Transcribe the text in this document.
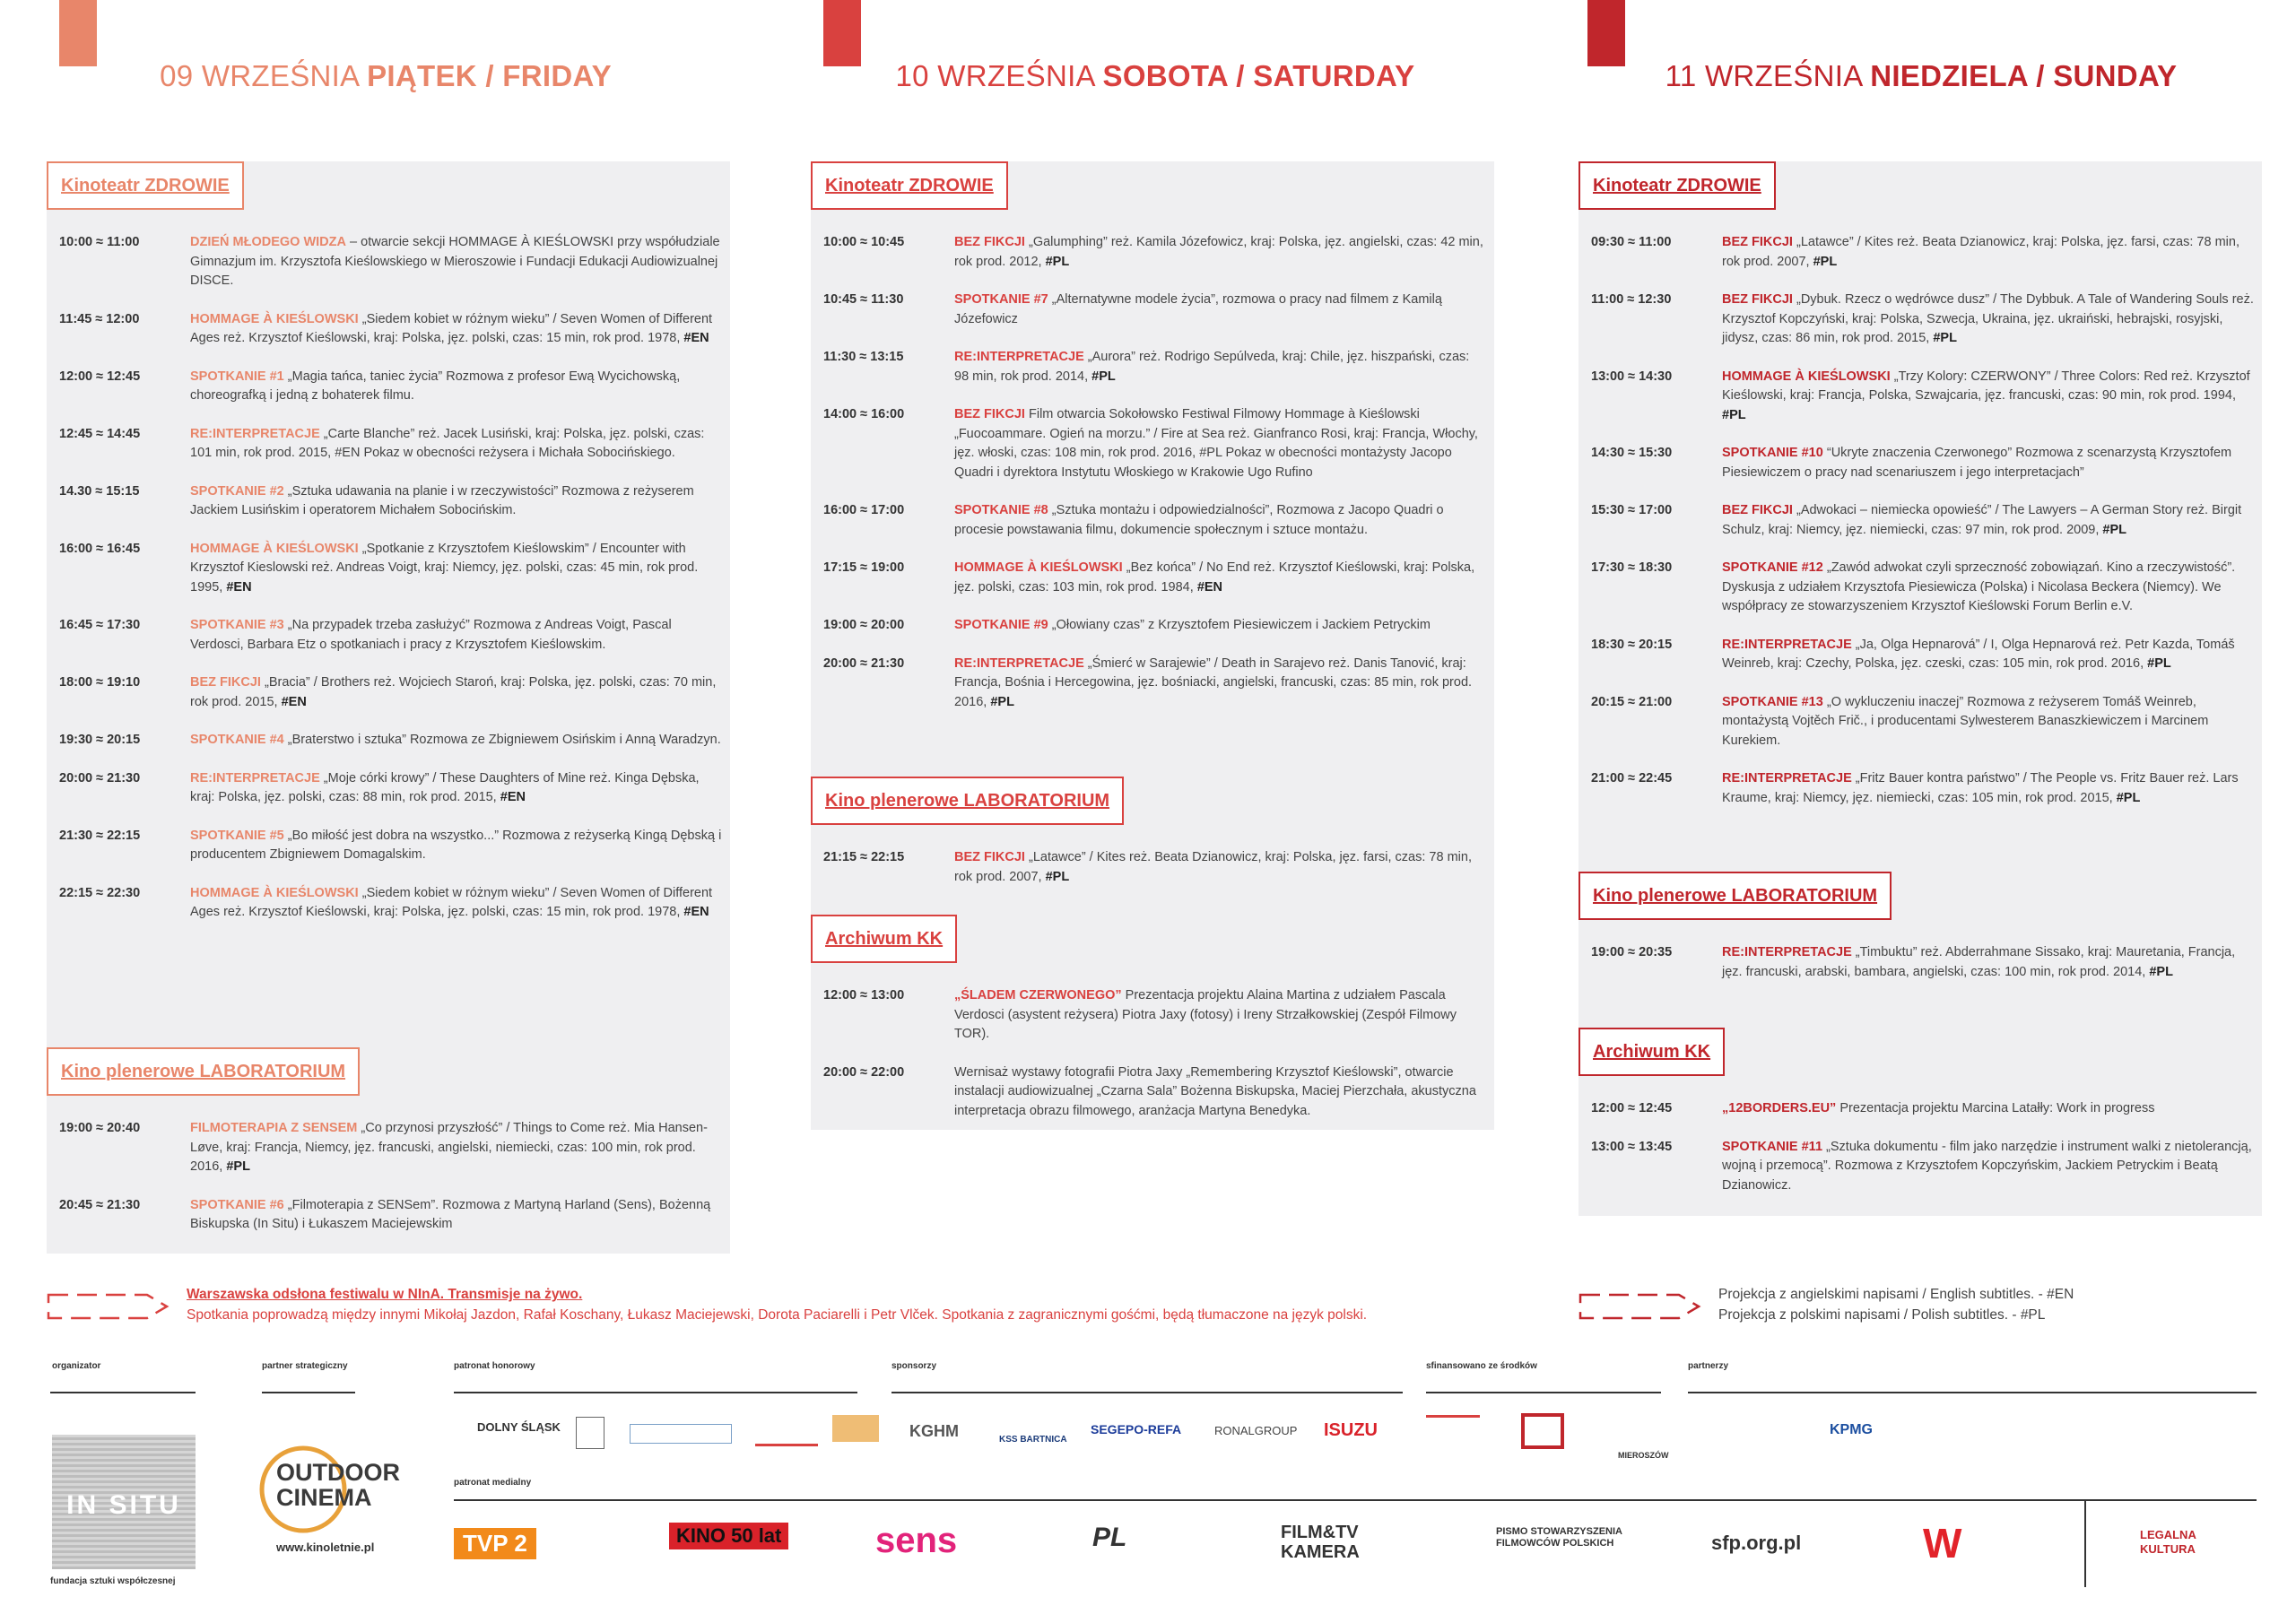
09 WRZEŚNIA PIĄTEK / FRIDAY
Kinoteatr ZDROWIE
10:00 ≈ 11:00	DZIEŃ MŁODEGO WIDZA – otwarcie sekcji HOMMAGE À KIEŚLOWSKI przy współudziale Gimnazjum im. Krzysztofa Kieślowskiego w Mieroszowie i Fundacji Edukacji Audiowizualnej DISCE.
11:45 ≈ 12:00	HOMMAGE À KIEŚLOWSKI „Siedem kobiet w różnym wieku” / Seven Women of Different Ages reż. Krzysztof Kieślowski, kraj: Polska, jęz. polski, czas: 15 min, rok prod. 1978, #EN
12:00 ≈ 12:45	SPOTKANIE #1 „Magia tańca, taniec życia” Rozmowa z profesor Ewą Wycichowską, choreografką i jedną z bohaterek filmu.
12:45 ≈ 14:45	RE:INTERPRETACJE „Carte Blanche” reż. Jacek Lusiński, kraj: Polska, jęz. polski, czas: 101 min, rok prod. 2015, #EN Pokaz w obecności reżysera i Michała Sobocińskiego.
14.30 ≈ 15:15	SPOTKANIE #2 „Sztuka udawania na planie i w rzeczywistości” Rozmowa z reżyserem Jackiem Lusińskim i operatorem Michałem Sobocińskim.
16:00 ≈ 16:45	HOMMAGE À KIEŚLOWSKI „Spotkanie z Krzysztofem Kieślowskim” / Encounter with Krzysztof Kieslowski reż. Andreas Voigt, kraj: Niemcy, jęz. polski, czas: 45 min, rok prod. 1995, #EN
16:45 ≈ 17:30	SPOTKANIE #3 „Na przypadek trzeba zasłużyć” Rozmowa z Andreas Voigt, Pascal Verdosci, Barbara Etz o spotkaniach i pracy z Krzysztofem Kieślowskim.
18:00 ≈ 19:10	BEZ FIKCJI „Bracia” / Brothers reż. Wojciech Staroń, kraj: Polska, jęz. polski, czas: 70 min, rok prod. 2015, #EN
19:30 ≈ 20:15	SPOTKANIE #4 „Braterstwo i sztuka” Rozmowa ze Zbigniewem Osińskim i Anną Waradzyn.
20:00 ≈ 21:30	RE:INTERPRETACJE „Moje córki krowy” / These Daughters of Mine reż. Kinga Dębska, kraj: Polska, jęz. polski, czas: 88 min, rok prod. 2015, #EN
21:30 ≈ 22:15	SPOTKANIE #5 „Bo miłość jest dobra na wszystko...” Rozmowa z reżyserką Kingą Dębską i producentem Zbigniewem Domagalskim.
22:15 ≈ 22:30	HOMMAGE À KIEŚLOWSKI „Siedem kobiet w różnym wieku” / Seven Women of Different Ages reż. Krzysztof Kieślowski, kraj: Polska, jęz. polski, czas: 15 min, rok prod. 1978, #EN
Kino plenerowe LABORATORIUM
19:00 ≈ 20:40	FILMOTERAPIA Z SENSEM „Co przynosi przyszłość” / Things to Come reż. Mia Hansen-Løve, kraj: Francja, Niemcy, jęz. francuski, angielski, niemiecki, czas: 100 min, rok prod. 2016, #PL
20:45 ≈ 21:30	SPOTKANIE #6 „Filmoterapia z SENSem”. Rozmowa z Martyną Harland (Sens), Bożenną Biskupska (In Situ) i Łukaszem Maciejewskim
10 WRZEŚNIA SOBOTA / SATURDAY
Kinoteatr ZDROWIE
10:00 ≈ 10:45	BEZ FIKCJI „Galumphing” reż. Kamila Józefowicz, kraj: Polska, jęz. angielski, czas: 42 min, rok prod. 2012, #PL
10:45 ≈ 11:30	SPOTKANIE #7 „Alternatywne modele życia”, rozmowa o pracy nad filmem z Kamilą Józefowicz
11:30 ≈ 13:15	RE:INTERPRETACJE „Aurora” reż. Rodrigo Sepúlveda, kraj: Chile, jęz. hiszpański, czas: 98 min, rok prod. 2014, #PL
14:00 ≈ 16:00	BEZ FIKCJI Film otwarcia Sokołowsko Festiwal Filmowy Hommage à Kieślowski „Fuocoammare. Ogień na morzu.” / Fire at Sea reż. Gianfranco Rosi, kraj: Francja, Włochy, jęz. włoski, czas: 108 min, rok prod. 2016, #PL Pokaz w obecności montażysty Jacopo Quadri i dyrektora Instytutu Włoskiego w Krakowie Ugo Rufino
16:00 ≈ 17:00	SPOTKANIE #8 „Sztuka montażu i odpowiedzialności”, Rozmowa z Jacopo Quadri o procesie powstawania filmu, dokumencie społecznym i sztuce montażu.
17:15 ≈ 19:00	HOMMAGE À KIEŚLOWSKI „Bez końca” / No End reż. Krzysztof Kieślowski, kraj: Polska, jęz. polski, czas: 103 min, rok prod. 1984, #EN
19:00 ≈ 20:00	SPOTKANIE #9 „Ołowiany czas” z Krzysztofem Piesiewiczem i Jackiem Petryckim
20:00 ≈ 21:30	RE:INTERPRETACJE „Śmierć w Sarajewie” / Death in Sarajevo reż. Danis Tanović, kraj: Francja, Bośnia i Hercegowina, jęz. bośniacki, angielski, francuski, czas: 85 min, rok prod. 2016, #PL
Kino plenerowe LABORATORIUM
21:15 ≈ 22:15	BEZ FIKCJI „Latawce” / Kites reż. Beata Dzianowicz, kraj: Polska, jęz. farsi, czas: 78 min, rok prod. 2007, #PL
Archiwum KK
12:00 ≈ 13:00	„ŚLADEM CZERWONEGO” Prezentacja projektu Alaina Martina z udziałem Pascala Verdosci (asystent reżysera) Piotra Jaxy (fotosy) i Ireny Strzałkowskiej (Zespół Filmowy TOR).
20:00 ≈ 22:00	Wernisaż wystawy fotografii Piotra Jaxy „Remembering Krzysztof Kieślowski”, otwarcie instalacji audiowizualnej „Czarna Sala” Bożenna Biskupska, Maciej Pierzchała, akustyczna interpretacja obrazu filmowego, aranżacja Martyna Benedyka.
11 WRZEŚNIA NIEDZIELA / SUNDAY
Kinoteatr ZDROWIE
09:30 ≈ 11:00	BEZ FIKCJI „Latawce” / Kites reż. Beata Dzianowicz, kraj: Polska, jęz. farsi, czas: 78 min, rok prod. 2007, #PL
11:00 ≈ 12:30	BEZ FIKCJI „Dybuk. Rzecz o wędrówce dusz” / The Dybbuk. A Tale of Wandering Souls reż. Krzysztof Kopczyński, kraj: Polska, Szwecja, Ukraina, jęz. ukraiński, hebrajski, rosyjski, jidysz, czas: 86 min, rok prod. 2015, #PL
13:00 ≈ 14:30	HOMMAGE À KIEŚLOWSKI „Trzy Kolory: CZERWONY” / Three Colors: Red reż. Krzysztof Kieślowski, kraj: Francja, Polska, Szwajcaria, jęz. francuski, czas: 90 min, rok prod. 1994, #PL
14:30 ≈ 15:30	SPOTKANIE #10 “Ukryte znaczenia Czerwonego” Rozmowa z scenarzystą Krzysztofem Piesiewiczem o pracy nad scenariuszem i jego interpretacjach”
15:30 ≈ 17:00	BEZ FIKCJI „Adwokaci – niemiecka opowieść” / The Lawyers – A German Story reż. Birgit Schulz, kraj: Niemcy, jęz. niemiecki, czas: 97 min, rok prod. 2009, #PL
17:30 ≈ 18:30	SPOTKANIE #12 „Zawód adwokat czyli sprzeczność zobowiązań. Kino a rzeczywistość”. Dyskusja z udziałem Krzysztofa Piesiewicza (Polska) i Nicolasa Beckera (Niemcy). We współpracy ze stowarzyszeniem Krzysztof Kieślowski Forum Berlin e.V.
18:30 ≈ 20:15	RE:INTERPRETACJE „Ja, Olga Hepnarová” / I, Olga Hepnarová reż. Petr Kazda, Tomáš Weinreb, kraj: Czechy, Polska, jęz. czeski, czas: 105 min, rok prod. 2016, #PL
20:15 ≈ 21:00	SPOTKANIE #13 „O wykluczeniu inaczej” Rozmowa z reżyserem Tomáš Weinreb, montażystą Vojtěch Frič., i producentami Sylwesterem Banaszkiewiczem i Marcinem Kurekiem.
21:00 ≈ 22:45	RE:INTERPRETACJE „Fritz Bauer kontra państwo” / The People vs. Fritz Bauer reż. Lars Kraume, kraj: Niemcy, jęz. niemiecki, czas: 105 min, rok prod. 2015, #PL
Kino plenerowe LABORATORIUM
19:00 ≈ 20:35	RE:INTERPRETACJE „Timbuktu” reż. Abderrahmane Sissako, kraj: Mauretania, Francja, jęz. francuski, arabski, bambara, angielski, czas: 100 min, rok prod. 2014, #PL
Archiwum KK
12:00 ≈ 12:45	„12BORDERS.EU” Prezentacja projektu Marcina Latałły: Work in progress
13:00 ≈ 13:45	SPOTKANIE #11 „Sztuka dokumentu - film jako narzędzie i instrument walki z nietolerancją, wojną i przemocą”. Rozmowa z Krzysztofem Kopczyńskim, Jackiem Petryckim i Beatą Dzianowicz.
Warszawska odsłona festiwalu w NInA. Transmisje na żywo.
Spotkania poprowadzą między innymi Mikołaj Jazdon, Rafał Koschany, Łukasz Maciejewski, Dorota Paciarelli i Petr Vlček. Spotkania z zagranicznymi gośćmi, będą tłumaczone na język polski.
Projekcja z angielskimi napisami / English subtitles. - #EN
Projekcja z polskimi napisami / Polish subtitles. - #PL
organizator	partner strategiczny	patronat honorowy	sponsorzy	sfinansowano ze środków	partnerzy
patronat medialny
IN SITU
fundacja sztuki współczesnej
OUTDOOR
CINEMA
www.kinoletnie.pl
DOLNY ŚLĄSK	KGHM	KSS BARTNICA
SEGEPO-REFA	RONALGROUP ISUZU
MIEROSZÓW
KPMG
TVP 2	KINO 50 lat	sens	PL	FILM&TV KAMERA
PISMO STOWARZYSZENIA FILMOWCÓW POLSKICH	sfp.org.pl	W	LEGALNA KULTURA
